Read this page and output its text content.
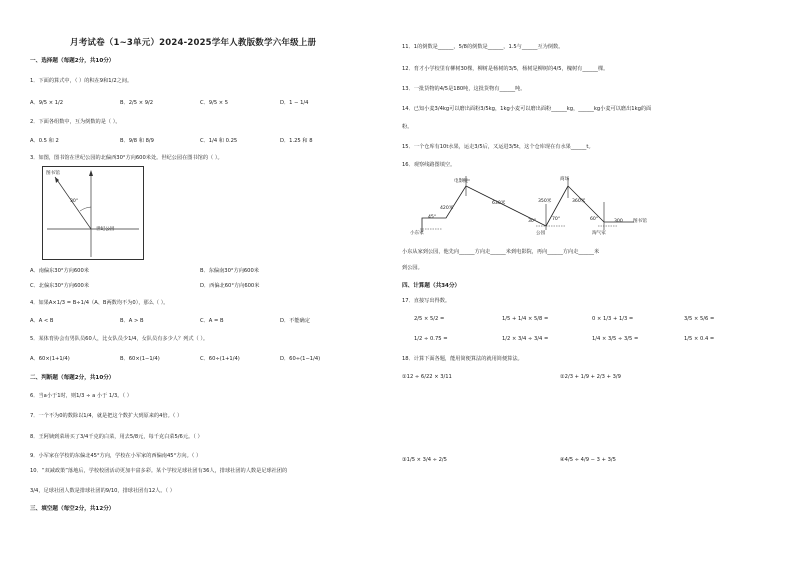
月考试卷（1~3单元）2024-2025学年人教版数学六年级上册
一、选择题（每题2分，共10分）
1．下面的算式中，（ ）的积在9和1/2之间。
A．9/5 × 1/2	B．2/5 × 9/2	C．9/5 × 5	D．1 − 1/4
2．下面各组数中，互为倒数的是（ ）。
A．0.5 和 2	B．9/8 和 8/9	C．1/4 和 0.25	D．1.25 和 8
3．如图，图书馆在世纪公园的北偏西30°方向600米处。世纪公园在图书馆的（ ）。
图书馆
30°
世纪公园
A．南偏东30°方向600米	B．东偏南30°方向600米
C．北偏东30°方向600米	D．西偏北60°方向600米
4．如果A×1/3 = B÷1/4（A、B两数均不为0），那么（ ）。
A．A < B	B．A > B	C．A = B	D．不能确定
5．某体育协会有男队员60人，比女队员少1/4，女队员有多少人？列式（ ）。
A．60×(1+1/4)	B．60×(1−1/4)	C．60÷(1+1/4)	D．60÷(1−1/4)
二、判断题（每题2分，共10分）
6．当a小于1时，则1/3 ÷ a 小于 1/3。（ ）
7．一个不为0的数除以1/4，就是把这个数扩大到原来的4倍。（ ）
8．王阿姨到菜场买了3/4千克的白菜，用去5/8元，每千克白菜5/6元。（ ）
9．小军家在学校的东偏北45°方向，学校在小军家的西偏南45°方向。（ ）
10．“双减政策”落地后，学校校团活动更加丰富多彩。某个学校足球社团有36人，排球社团的人数是足球社团的
3/4，足球社团人数是排球社团的9/10，排球社团有12人。（ ）
三、填空题（每空2分，共12分）
11．1的倒数是______，5/8的倒数是______，1.5与______互为倒数。
12．育才小学校里有柳树30棵，柳树是杨树的3/5，杨树是柳树的4/5，槐树有______棵。
13．一批货物的4/5是180吨，这批货物有______吨。
14．已知小麦3/4kg可以磨出面粉3/5kg，1kg小麦可以磨出面粉______kg，______kg小麦可以磨出1kg的面
粉。
15．一个仓库有10t水果，运走3/5后，又运进3/5t，这个仓库现在有水果______t。
16．观察线路图填空。
电影院	商场
420米
630米	350米	360米
45°
30°	70°	60°	300 图书馆
小东家	公园	淘气家
小东从家到公园，他先向______方向走______米到电影院，再向______方向走______米
到公园。
四、计算题（共34分）
17．直接写出得数。
2/5 × 5/2 =	1/5 + 1/4 × 5/8 =	0 × 1/3 + 1/3 =	3/5 × 5/6 =
1/2 ÷ 0.75 =	1/2 × 3/4 ÷ 3/4 =	1/4 × 3/5 ÷ 3/5 =	1/5 × 0.4 =
18．计算下面各题，能用简便算法的就用简便算法。
①12 ÷ 6/22 × 3/11	②2/3 + 1/9 + 2/3 + 3/9
③1/5 × 3/4 ÷ 2/5	④4/5 ÷ 4/9 − 3 + 3/5
